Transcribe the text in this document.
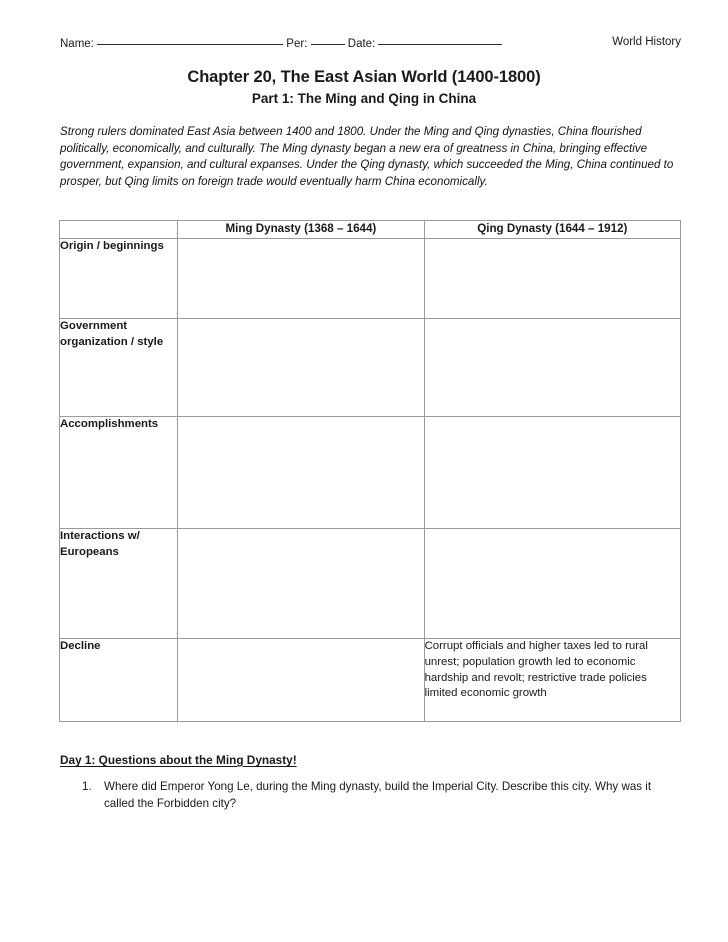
Name:	Per:	Date:	World History
Chapter 20, The East Asian World (1400-1800)
Part 1: The Ming and Qing in China
Strong rulers dominated East Asia between 1400 and 1800. Under the Ming and Qing dynasties, China flourished politically, economically, and culturally. The Ming dynasty began a new era of greatness in China, bringing effective government, expansion, and cultural expanses. Under the Qing dynasty, which succeeded the Ming, China continued to prosper, but Qing limits on foreign trade would eventually harm China economically.
	Ming Dynasty (1368 – 1644)	Qing Dynasty (1644 – 1912)
Origin / beginnings		
Government organization / style		
Accomplishments		
Interactions w/ Europeans		
Decline		Corrupt officials and higher taxes led to rural unrest; population growth led to economic hardship and revolt; restrictive trade policies limited economic growth
Day 1: Questions about the Ming Dynasty!
1. Where did Emperor Yong Le, during the Ming dynasty, build the Imperial City. Describe this city. Why was it called the Forbidden city?
